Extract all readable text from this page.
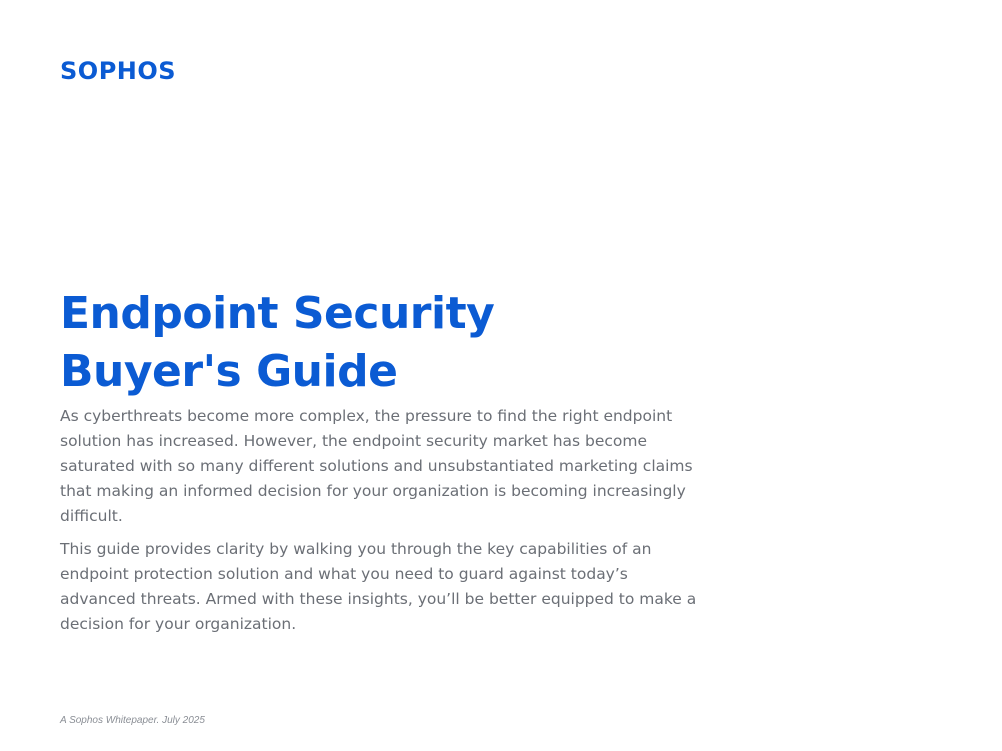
SOPHOS
Endpoint Security
Buyer's Guide

As cyberthreats become more complex, the pressure to find the right endpoint solution has increased. However, the endpoint security market has become saturated with so many different solutions and unsubstantiated marketing claims that making an informed decision for your organization is becoming increasingly difficult.

This guide provides clarity by walking you through the key capabilities of an endpoint protection solution and what you need to guard against today’s advanced threats. Armed with these insights, you’ll be better equipped to make a decision for your organization.

A Sophos Whitepaper. July 2025
